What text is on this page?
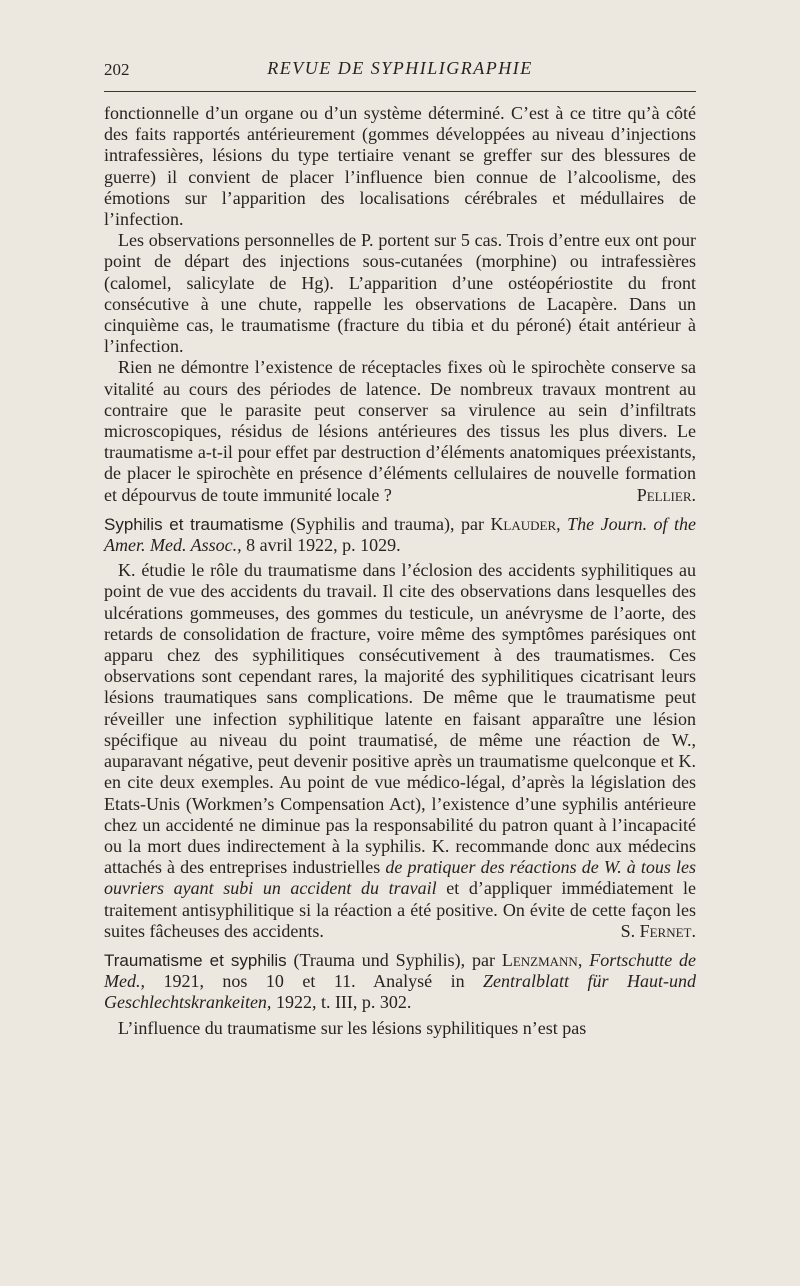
202	REVUE DE SYPHILIGRAPHIE

fonctionnelle d’un organe ou d’un système déterminé. C’est à ce titre qu’à côté des faits rapportés antérieurement (gommes développées au niveau d’injections intrafessières, lésions du type tertiaire venant se greffer sur des blessures de guerre) il convient de placer l’influence bien connue de l’alcoolisme, des émotions sur l’apparition des localisations cérébrales et médullaires de l’infection.

Les observations personnelles de P. portent sur 5 cas. Trois d’entre eux ont pour point de départ des injections sous-cutanées (morphine) ou intrafessières (calomel, salicylate de Hg). L’apparition d’une ostéopériostite du front consécutive à une chute, rappelle les observations de Lacapère. Dans un cinquième cas, le traumatisme (fracture du tibia et du péroné) était antérieur à l’infection.

Rien ne démontre l’existence de réceptacles fixes où le spirochète conserve sa vitalité au cours des périodes de latence. De nombreux travaux montrent au contraire que le parasite peut conserver sa virulence au sein d’infiltrats microscopiques, résidus de lésions antérieures des tissus les plus divers. Le traumatisme a-t-il pour effet par destruction d’éléments anatomiques préexistants, de placer le spirochète en présence d’éléments cellulaires de nouvelle formation et dépourvus de toute immunité locale ?	Pellier.

Syphilis et traumatisme (Syphilis and trauma), par Klauder, The Journ. of the Amer. Med. Assoc., 8 avril 1922, p. 1029.

K. étudie le rôle du traumatisme dans l’éclosion des accidents syphilitiques au point de vue des accidents du travail. Il cite des observations dans lesquelles des ulcérations gommeuses, des gommes du testicule, un anévrysme de l’aorte, des retards de consolidation de fracture, voire même des symptômes parésiques ont apparu chez des syphilitiques consécutivement à des traumatismes. Ces observations sont cependant rares, la majorité des syphilitiques cicatrisant leurs lésions traumatiques sans complications. De même que le traumatisme peut réveiller une infection syphilitique latente en faisant apparaître une lésion spécifique au niveau du point traumatisé, de même une réaction de W., auparavant négative, peut devenir positive après un traumatisme quelconque et K. en cite deux exemples. Au point de vue médico-légal, d’après la législation des Etats-Unis (Workmen’s Compensation Act), l’existence d’une syphilis antérieure chez un accidenté ne diminue pas la responsabilité du patron quant à l’incapacité ou la mort dues indirectement à la syphilis. K. recommande donc aux médecins attachés à des entreprises industrielles de pratiquer des réactions de W. à tous les ouvriers ayant subi un accident du travail et d’appliquer immédiatement le traitement antisyphilitique si la réaction a été positive. On évite de cette façon les suites fâcheuses des accidents.	S. Fernet.

Traumatisme et syphilis (Trauma und Syphilis), par Lenzmann, Fortschutte de Med., 1921, nos 10 et 11. Analysé in Zentralblatt für Haut-und Geschlechtskrankeiten, 1922, t. III, p. 302.

L’influence du traumatisme sur les lésions syphilitiques n’est pas
